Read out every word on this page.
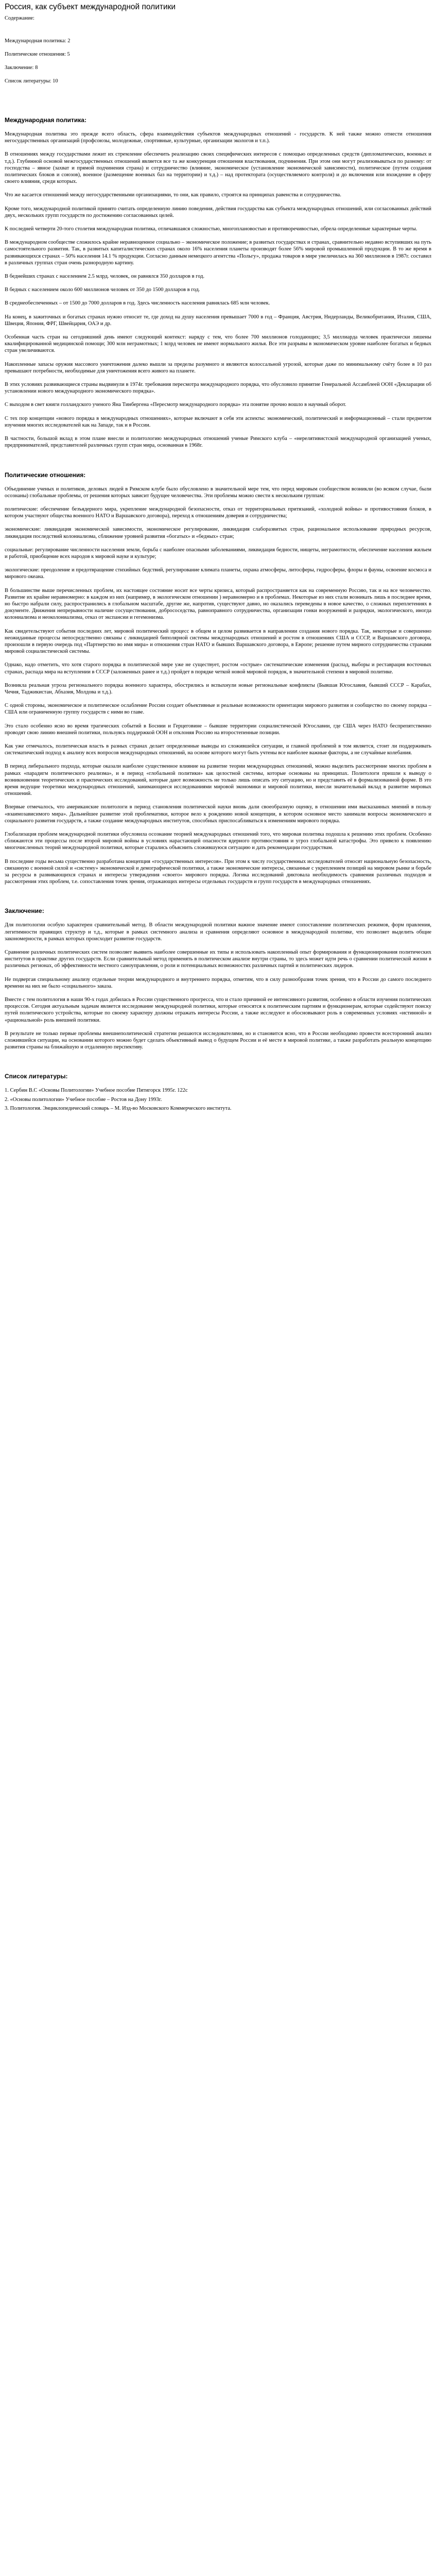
Россия, как субъект международной политики
Содержание:
Международная политика: 2
Политические отношения: 5
Заключение: 8
Список литературы: 10
Международная политика:

Международная политика это прежде всего область, сфера взаимодействия субъектов международных отношений - государств. К ней также можно отнести отношения негосударственных организаций (профсоюзы, молодежные, спортивные, культурные, организации экологов и т.п.).

В отношениях между государствами лежит их стремление обеспечить реализацию своих специфических интересов с помощью определенных средств (дипломатических, военных и т.д.). Глубинной основой межгосударственных отношений является все та же конкуренция отношения властвования, подчинения. При этом они могут реализовываться по разному: от господства – явное (захват и прямой подчинения страна) и сотрудничество (влияние, экономическое (установление экономической зависимости), политическое (путем создания политических блоков и союзов), военное (размещение военных баз на территории) и т.д.) – над протектората (осуществляемого контроля) и до включения или вхождение в сферу своего влияния, среди которых.

Что же касается отношений между негосударственными организациями, то они, как правило, строятся на принципах равенства и сотрудничества.

Кроме того, международной политикой принято считать определенную линию поведения, действия государства как субъекта международных отношений, или согласованных действий двух, нескольких групп государств по достижению согласованных целей.

К последней четверти 20-того столетия международная политика, отличавшаяся сложностью, многоплановостью и противоречивостью, обрела определенные характерные черты.

В международном сообществе сложилось крайне неравноценное социально – экономическое положение; в развитых государствах и странах, сравнительно недавно вступивших на путь самостоятельного развития. Так, в развитых капиталистических странах около 16% населения планеты производят более 56% мировой промышленной продукции. В то же время в развивающихся странах – 50% населения 14.1 % продукции. Согласно данным немецкого агентства «Польгу», продажа товаров в мире увеличилась на 360 миллионов в 1987г. составил в различных группах стран очень разнородную картину.

В беднейших странах с населением 2.5 млрд. человек, он равнялся 350 долларов в год.

В бедных с населением около 600 миллионов человек от 350 до 1500 долларов в год.

В среднеобеспеченных – от 1500 до 7000 долларов в год. Здесь численность населения равнялась 685 млн человек.

На конец, в зажиточных и богатых странах нужно относит те, где доход на душу населения превышает 7000 в год – Франция, Австрия, Нидерланды, Великобритания, Италия, США, Швеция, Япония, ФРГ, Швейцария, ОАЭ и др.

Особенная часть стран на сегодняшний день имеют следующий контекст: наряду с тем, что более 700 миллионов голодающих; 3,5 миллиарда человек практически лишены квалифицированной медицинской помощи; 300 млн неграмотных; 1 млрд человек не имеют нормального жилья. Все эти разрывы в экономическом уровне наиболее богатых и бедных стран увеличиваются.

Накопленные запасы оружия массового уничтожения далеко вышли за пределы разумного и являются колоссальной угрозой, которые даже по минимальному счёту более в 10 раз превышают потребности, необходимые для уничтожения всего живого на планете.

В этих условиях развивающиеся страны выдвинули в 1974г. требования пересмотра международного порядка, что обусловило принятие Генеральной Ассамблеей ООН «Декларации об установлении нового международного экономического порядка».

С выходом в свет книги голландского ученого Яна Тинбергена «Пересмотр международного порядка» эта понятие прочно вошло в научный оборот.

С тех пор концепции «нового порядка в международных отношениях», которые включают в себя эти аспекты: экономический, политический и информационный – стали предметом изучения многих исследователей как на Западе, так и в России.

В частности, большой вклад в этом плане внесли и политологию международных отношений ученые Римского клуба – «нерелятивистской международной организацией ученых, предпринимателей, представителей различных групп стран мира, основанная в 1968г.

Политические отношения:

Объединение ученых и политиков, деловых людей в Римском клубе было обусловлено в значительной мере тем, что перед мировым сообществом возникли (во всяком случае, были осознаны) глобальные проблемы, от решения которых зависит будущее человечества. Эти проблемы можно свести к нескольким группам:

политические: обеспечение безъядерного мира, укрепление международной безопасности, отказ от территориальных притязаний, «холодной войны» и противостояния блоков, в котором участвуют общества военного НАТО и Варшавского договора), переход к отношениям доверия и сотрудничества;

экономические: ликвидация экономической зависимости, экономическое регулирование, ликвидация слаборазвитых стран, рациональное использование природных ресурсов, ликвидация последствий колониализма, сближение уровней развития «богатых» и «бедных» стран;

социальные: регулирование численности населения земли, борьба с наиболее опасными заболеваниями, ликвидация бедности, нищеты, неграмотности, обеспечение населения жильем и работой, приобщение всех народов к мировой науке и культуре;

экологические: преодоление и предотвращение стихийных бедствий, регулирование климата планеты, охрана атмосферы, литосферы, гидросферы, флоры и фауны, освоение космоса и мирового океана.

В большинстве выше перечисленных проблем, их настоящее состояние носит все черты кризиса, который распространяется как на современную Россию, так и на все человечество. Развитие их крайне неравномерно: в каждом из них (например, в экологическом отношении ) неравномерно и в проблемах. Некоторые из них стали возникать лишь в последнее время, но быстро набрали силу, распространились в глобальном масштабе, другие же, напротив, существуют давно, но оказались переведены в новое качество, о сложных переплетениях в документе. Движения непрерывности наличие сосуществования, добрососедства, равноправного сотрудничества, организации гонки вооружений и разрядки, экологического, иногда колониализма и неоколониализма, отказ от экспансии и гегемонизма.

Как свидетельствуют события последних лет, мировой политический процесс в общем и целом развивается в направлении создания нового порядка. Так, некоторые и совершенно неожиданные процессы непосредственно связаны с ликвидацией биполярной системы международных отношений и ростом в отношениях США и СССР, и Варшавского договора, произошли в первую очередь под «Партнерство во имя мира» и отношения стран НАТО и бывших Варшавского договора, в Европе; решение путем мирного сотрудничества странами мировой социалистической системы.

Однако, надо отметить, что хотя старого порядка в политической мире уже не существует, ростом «острые» систематические изменения (распад, выборы и реставрация восточных странах, распада мира на вступлении в СССР (заложенных ранее и т.д.) пройдет в порядке четкой новой мировой порядок, в значительной степени в мировой политике.

Возникла реальная угроза регионального порядка военного характера, обострились и вспыхнули новые региональные конфликты (Бывшая Югославия, бывший СССР – Карабах, Чечня, Таджикистан, Абхазия, Молдова и т.д.).

С одной стороны, экономическое и политическое ослабление России создает объективные и реальные возможности ориентации мирового развития и сообщество по своему порядка – США или ограниченную группу государств с ними во главе.

Это стало особенно ясно во время трагических событий в Боснии и Герцеговине – бывшие территории социалистической Югославии, где США через НАТО беспрепятственно проводят свою линию внешней политики, пользуясь поддержкой ООН и отклоняя Россию на второстепенные позиции.

Как уже отмечалось, политическая власть в разных странах делает определенные выводы из сложившейся ситуации, и главной проблемой в том является, стоит ли поддерживать систематический подход к анализу всех вопросов международных отношений, на основе которого могут быть учтены все наиболее важные факторы, а не случайные колебания.

В период либерального подхода, которые оказали наиболее существенное влияние на развитие теории международных отношений, можно выделить рассмотрение многих проблем в рамках «парадигм политического реализма», и в период «глобальной политики» как целостной системы, которые основаны на принципах. Политологи пришли к выводу о возникновении теоретических и практических исследований, которые дают возможность не только лишь описать эту ситуацию, но и представить её в формализованной форме. В это время ведущие теоретики международных отношений, занимающиеся исследованиями мировой экономики и мировой политики, внесли значительный вклад в развитие мировых отношений.

Впервые отмечалось, что американские политологи в период становления политической науки вновь дали своеобразную оценку, в отношении ими высказанных мнений в пользу «взаимозависимого мира». Дальнейшее развитие этой проблематики, которое вело к рождению новой концепции, в котором основное место занимали вопросы экономического и социального развития государств, а также создание международных институтов, способных приспосабливаться к изменениям мирового порядка.

Глобализация проблем международной политики обусловила осознание теорией международных отношений того, что мировая политика подошла к решению этих проблем. Особенно сближаются эти процессы после второй мировой войны в условиях нарастающей опасности ядерного противостояния и угроз глобальной катастрофы. Это привело к появлению многочисленных теорий международной политики, которые старались объяснить сложившуюся ситуацию и дать рекомендации государствам.

В последние годы весьма существенно разработана концепция «государственных интересов». При этом к числу государственных исследователей относят национальную безопасность, связанную с военной силой и «систему» экономической и демографической политики, а также экономические интересы, связанные с укреплением позиций на мировом рынке и борьбе за ресурсы в развивающихся странах и интересы утверждения «своего» мирового порядка. Логика исследований диктовала необходимость сравнения различных подходов и рассмотрения этих проблем, т.е. сопоставления точек зрения, отражающих интересы отдельных государств и групп государств в международных отношениях.

Заключение:

Для политологии особую характерен сравнительный метод. В области международной политики важное значение имеют сопоставление политических режимов, форм правления, легитимности правящих структур и т.д., которые в рамках системного анализа и сравнения определяют основное в международной политике, что позволяет выделить общие закономерности, в рамках которых происходит развитие государств.

Сравнение различных политических систем позволяет выявить наиболее совершенные их типы и использовать накопленный опыт формирования и функционирования политических институтов в практике других государств. Если сравнительный метод применять в политическом анализе внутри страны, то здесь может идти речь о сравнении политической жизни в различных регионах, об эффективности местного самоуправления, о роли и потенциальных возможностях различных партий и политических лидеров.

Не подвергая специальному анализу отдельные теории международного и внутреннего порядка, отметим, что в силу разнообразия точек зрения, что в России до самого последнего времени на них не было «социального» заказа.

Вместе с тем политология в наши 90-х годах добилась в России существенного прогресса, что и стало причиной ее интенсивного развития, особенно в области изучения политических процессов. Сегодня актуальным задачам является исследование международной политики, которые относятся к политическим партиям и функционерам, которые содействуют поиску путей политического устройства, которые по своему характеру должны отражать интересы России, а также исследуют и обосновывают роль в современных условиях «истинной» и «рациональной» роль внешней политики.

В результате не только первые проблемы внешнеполитической стратегии решаются исследователями, но и становится ясно, что в России необходимо провести всесторонний анализ сложившейся ситуации, на основании которого можно будет сделать объективный вывод о будущем России и её месте в мировой политике, а также разработать реальную концепцию развития страны на ближайшую и отдаленную перспективу.

Список литературы:
1. Сербин В.С «Основы Политологии» Учебное пособие Пятигорск 1995г. 122с
2. «Основы политологии» Учебное пособие – Ростов на Дону 1993г.
3. Политология. Энциклопедический словарь – М. Изд-во Московского Коммерческого института.
